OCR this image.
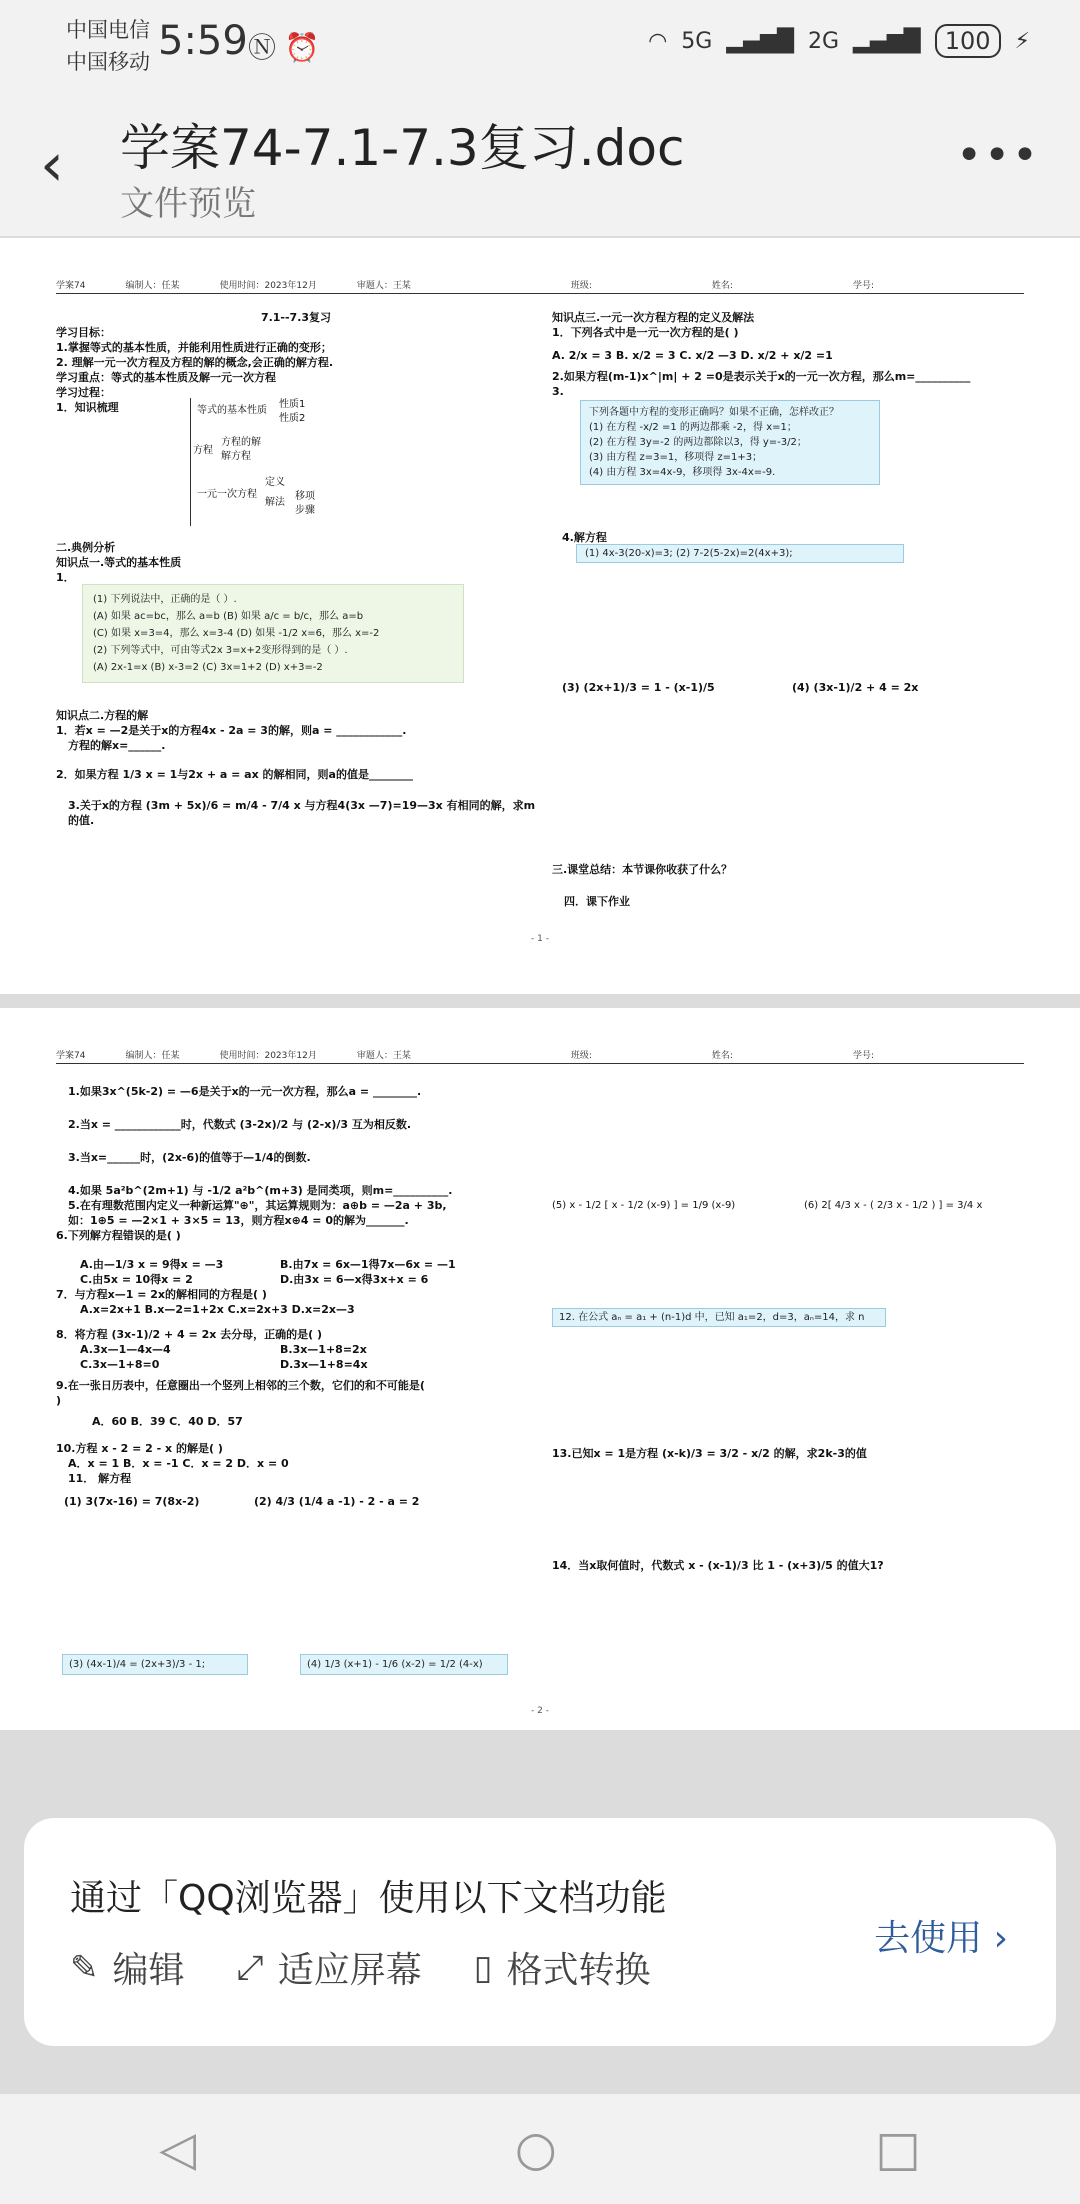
中国电信
中国移动 5:59 Ⓝ ⏰	◠ 5G ▂▄▆█ 2G ▂▄▆█	100	⚡
‹ 学案74-7.1-7.3复习.doc
文件预览
•••
学案74	编制人：任某	使用时间：2023年12月	审题人：王某	班级:	姓名:	学号:
7.1--7.3复习
学习目标：
1.掌握等式的基本性质，并能利用性质进行正确的变形；
2. 理解一元一次方程及方程的解的概念,会正确的解方程.
学习重点：等式的基本性质及解一元一次方程
学习过程：
1．知识梳理	等式的基本性质
性质1
性质2
方程
方程的解
解方程
一元一次方程
定义
解法
移项
步骤
二.典例分析
知识点一.等式的基本性质
1．
(1) 下列说法中，正确的是（ ）.
(A) 如果 ac=bc，那么 a=b (B) 如果 a/c = b/c，那么 a=b
(C) 如果 x=3=4，那么 x=3-4 (D) 如果 -1/2 x=6，那么 x=-2
(2) 下列等式中，可由等式2x 3=x+2变形得到的是（ ）.
(A) 2x-1=x (B) x-3=2 (C) 3x=1+2 (D) x+3=-2
知识点二.方程的解
1．若x = —2是关于x的方程4x - 2a = 3的解，则a = ____________.
方程的解x=______.
2．如果方程 1/3 x = 1与2x + a = ax 的解相同，则a的值是________
3.关于x的方程 (3m + 5x)/6 = m/4 - 7/4 x 与方程4(3x —7)=19—3x 有相同的解，求m的值.
知识点三.一元一次方程方程的定义及解法
1．下列各式中是一元一次方程的是( )
A. 2/x = 3 B. x/2 = 3 C. x/2 —3 D. x/2 + x/2 =1
2.如果方程(m-1)x^|m| + 2 =0是表示关于x的一元一次方程，那么m=__________
3.
下列各题中方程的变形正确吗？如果不正确，怎样改正？
(1) 在方程 -x/2 =1 的两边都乘 -2，得 x=1；
(2) 在方程 3y=-2 的两边都除以3，得 y=-3/2；
(3) 由方程 z=3=1，移项得 z=1+3；
(4) 由方程 3x=4x-9，移项得 3x-4x=-9．
4.解方程
(1) 4x-3(20-x)=3; (2) 7-2(5-2x)=2(4x+3);
(3) (2x+1)/3 = 1 - (x-1)/5	(4) (3x-1)/2 + 4 = 2x
三.课堂总结：本节课你收获了什么？
四．课下作业
- 1 -
学案74	编制人：任某	使用时间：2023年12月	审题人：王某	班级:	姓名:	学号:
1.如果3x^(5k-2) = —6是关于x的一元一次方程，那么a = ________.
2.当x = ____________时，代数式 (3-2x)/2 与 (2-x)/3 互为相反数.
3.当x=______时，(2x-6)的值等于—1/4的倒数.
4.如果 5a²b^(2m+1) 与 -1/2 a²b^(m+3) 是同类项，则m=__________.
5.在有理数范围内定义一种新运算"⊕"，其运算规则为：a⊕b = —2a + 3b,
如：1⊕5 = —2×1 + 3×5 = 13，则方程x⊕4 = 0的解为_______.
6.下列解方程错误的是( )
A.由—1/3 x = 9得x = —3	B.由7x = 6x—1得7x—6x = —1
C.由5x = 10得x = 2	D.由3x = 6—x得3x+x = 6
7．与方程x—1 = 2x的解相同的方程是( )
A.x=2x+1 B.x—2=1+2x C.x=2x+3 D.x=2x—3
8．将方程 (3x-1)/2 + 4 = 2x 去分母，正确的是( )
A.3x—1—4x—4	B.3x—1+8=2x
C.3x—1+8=0	D.3x—1+8=4x
9.在一张日历表中，任意圈出一个竖列上相邻的三个数，它们的和不可能是(
)
A．60 B．39 C．40 D．57
10.方程 x - 2 = 2 - x 的解是( )
A．x = 1 B．x = -1 C．x = 2 D．x = 0
11． 解方程
(1) 3(7x-16) = 7(8x-2)	(2) 4/3 (1/4 a -1) - 2 - a = 2
(3) (4x-1)/4 = (2x+3)/3 - 1;	(4) 1/3 (x+1) - 1/6 (x-2) = 1/2 (4-x)
(5) x - 1/2 [ x - 1/2 (x-9) ] = 1/9 (x-9)	(6) 2[ 4/3 x - ( 2/3 x - 1/2 ) ] = 3/4 x
12. 在公式 aₙ = a₁ + (n-1)d 中，已知 a₁=2，d=3，aₙ=14，求 n
13.已知x = 1是方程 (x-k)/3 = 3/2 - x/2 的解，求2k-3的值
14．当x取何值时，代数式 x - (x-1)/3 比 1 - (x+3)/5 的值大1?
- 2 -
通过「QQ浏览器」使用以下文档功能
✎ 编辑 ⤢ 适应屏幕 ▯ 格式转换
去使用 ›
◁	○	□
